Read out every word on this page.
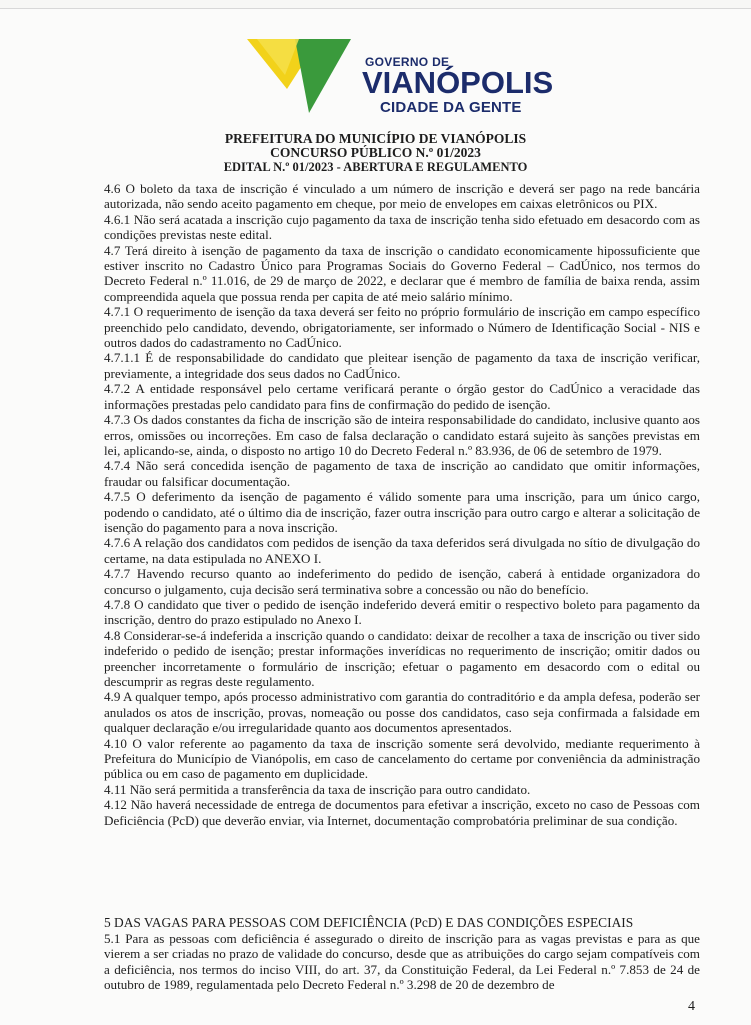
GOVERNO DE
VIANÓPOLIS
CIDADE DA GENTE
PREFEITURA DO MUNICÍPIO DE VIANÓPOLIS
CONCURSO PÚBLICO N.º 01/2023
EDITAL N.º 01/2023 - ABERTURA E REGULAMENTO

4.6 O boleto da taxa de inscrição é vinculado a um número de inscrição e deverá ser pago na rede bancária autorizada, não sendo aceito pagamento em cheque, por meio de envelopes em caixas eletrônicos ou PIX.

4.6.1 Não será acatada a inscrição cujo pagamento da taxa de inscrição tenha sido efetuado em desacordo com as condições previstas neste edital.

4.7 Terá direito à isenção de pagamento da taxa de inscrição o candidato economicamente hipossuficiente que estiver inscrito no Cadastro Único para Programas Sociais do Governo Federal – CadÚnico, nos termos do Decreto Federal n.º 11.016, de 29 de março de 2022, e declarar que é membro de família de baixa renda, assim compreendida aquela que possua renda per capita de até meio salário mínimo.

4.7.1 O requerimento de isenção da taxa deverá ser feito no próprio formulário de inscrição em campo específico preenchido pelo candidato, devendo, obrigatoriamente, ser informado o Número de Identificação Social - NIS e outros dados do cadastramento no CadÚnico.

4.7.1.1 É de responsabilidade do candidato que pleitear isenção de pagamento da taxa de inscrição verificar, previamente, a integridade dos seus dados no CadÚnico.

4.7.2 A entidade responsável pelo certame verificará perante o órgão gestor do CadÚnico a veracidade das informações prestadas pelo candidato para fins de confirmação do pedido de isenção.

4.7.3 Os dados constantes da ficha de inscrição são de inteira responsabilidade do candidato, inclusive quanto aos erros, omissões ou incorreções. Em caso de falsa declaração o candidato estará sujeito às sanções previstas em lei, aplicando-se, ainda, o disposto no artigo 10 do Decreto Federal n.º 83.936, de 06 de setembro de 1979.

4.7.4 Não será concedida isenção de pagamento de taxa de inscrição ao candidato que omitir informações, fraudar ou falsificar documentação.

4.7.5 O deferimento da isenção de pagamento é válido somente para uma inscrição, para um único cargo, podendo o candidato, até o último dia de inscrição, fazer outra inscrição para outro cargo e alterar a solicitação de isenção do pagamento para a nova inscrição.

4.7.6 A relação dos candidatos com pedidos de isenção da taxa deferidos será divulgada no sítio de divulgação do certame, na data estipulada no ANEXO I.

4.7.7 Havendo recurso quanto ao indeferimento do pedido de isenção, caberá à entidade organizadora do concurso o julgamento, cuja decisão será terminativa sobre a concessão ou não do benefício.

4.7.8 O candidato que tiver o pedido de isenção indeferido deverá emitir o respectivo boleto para pagamento da inscrição, dentro do prazo estipulado no Anexo I.

4.8 Considerar-se-á indeferida a inscrição quando o candidato: deixar de recolher a taxa de inscrição ou tiver sido indeferido o pedido de isenção; prestar informações inverídicas no requerimento de inscrição; omitir dados ou preencher incorretamente o formulário de inscrição; efetuar o pagamento em desacordo com o edital ou descumprir as regras deste regulamento.

4.9 A qualquer tempo, após processo administrativo com garantia do contraditório e da ampla defesa, poderão ser anulados os atos de inscrição, provas, nomeação ou posse dos candidatos, caso seja confirmada a falsidade em qualquer declaração e/ou irregularidade quanto aos documentos apresentados.

4.10 O valor referente ao pagamento da taxa de inscrição somente será devolvido, mediante requerimento à Prefeitura do Município de Vianópolis, em caso de cancelamento do certame por conveniência da administração pública ou em caso de pagamento em duplicidade.

4.11 Não será permitida a transferência da taxa de inscrição para outro candidato.

4.12 Não haverá necessidade de entrega de documentos para efetivar a inscrição, exceto no caso de Pessoas com Deficiência (PcD) que deverão enviar, via Internet, documentação comprobatória preliminar de sua condição.

5 DAS VAGAS PARA PESSOAS COM DEFICIÊNCIA (PcD) E DAS CONDIÇÕES ESPECIAIS

5.1 Para as pessoas com deficiência é assegurado o direito de inscrição para as vagas previstas e para as que vierem a ser criadas no prazo de validade do concurso, desde que as atribuições do cargo sejam compatíveis com a deficiência, nos termos do inciso VIII, do art. 37, da Constituição Federal, da Lei Federal n.º 7.853 de 24 de outubro de 1989, regulamentada pelo Decreto Federal n.º 3.298 de 20 de dezembro de

4
